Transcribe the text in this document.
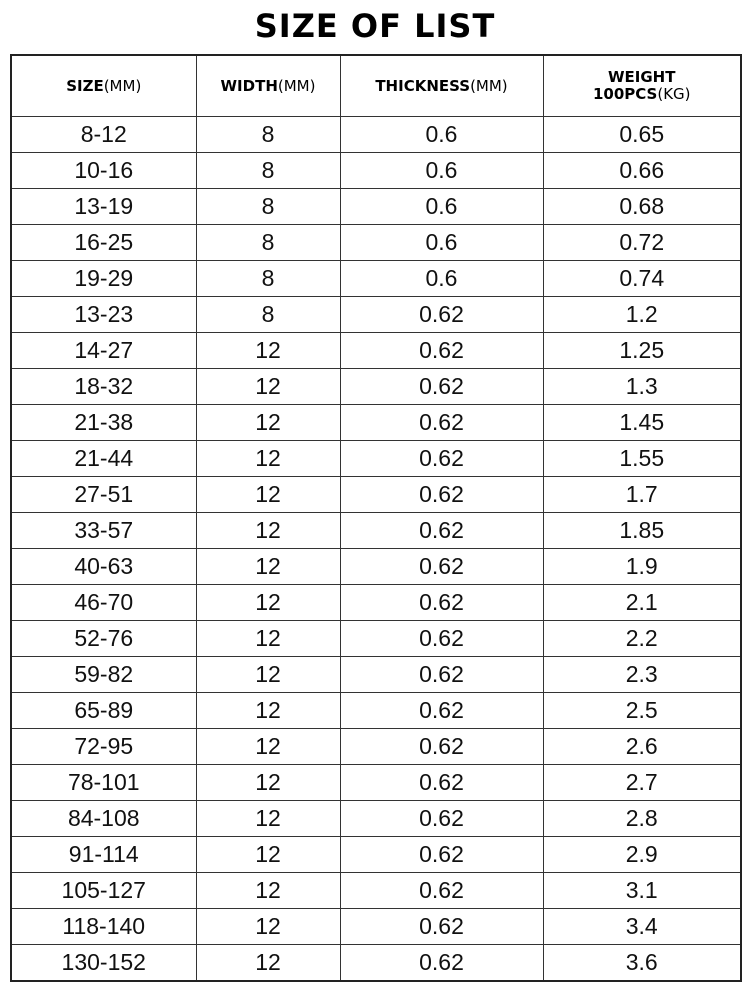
SIZE OF LIST
SIZE(MM)	WIDTH(MM)	THICKNESS(MM)	WEIGHT
100PCS(KG)
8-12	8	0.6	0.65
10-16	8	0.6	0.66
13-19	8	0.6	0.68
16-25	8	0.6	0.72
19-29	8	0.6	0.74
13-23	8	0.62	1.2
14-27	12	0.62	1.25
18-32	12	0.62	1.3
21-38	12	0.62	1.45
21-44	12	0.62	1.55
27-51	12	0.62	1.7
33-57	12	0.62	1.85
40-63	12	0.62	1.9
46-70	12	0.62	2.1
52-76	12	0.62	2.2
59-82	12	0.62	2.3
65-89	12	0.62	2.5
72-95	12	0.62	2.6
78-101	12	0.62	2.7
84-108	12	0.62	2.8
91-114	12	0.62	2.9
105-127	12	0.62	3.1
118-140	12	0.62	3.4
130-152	12	0.62	3.6
